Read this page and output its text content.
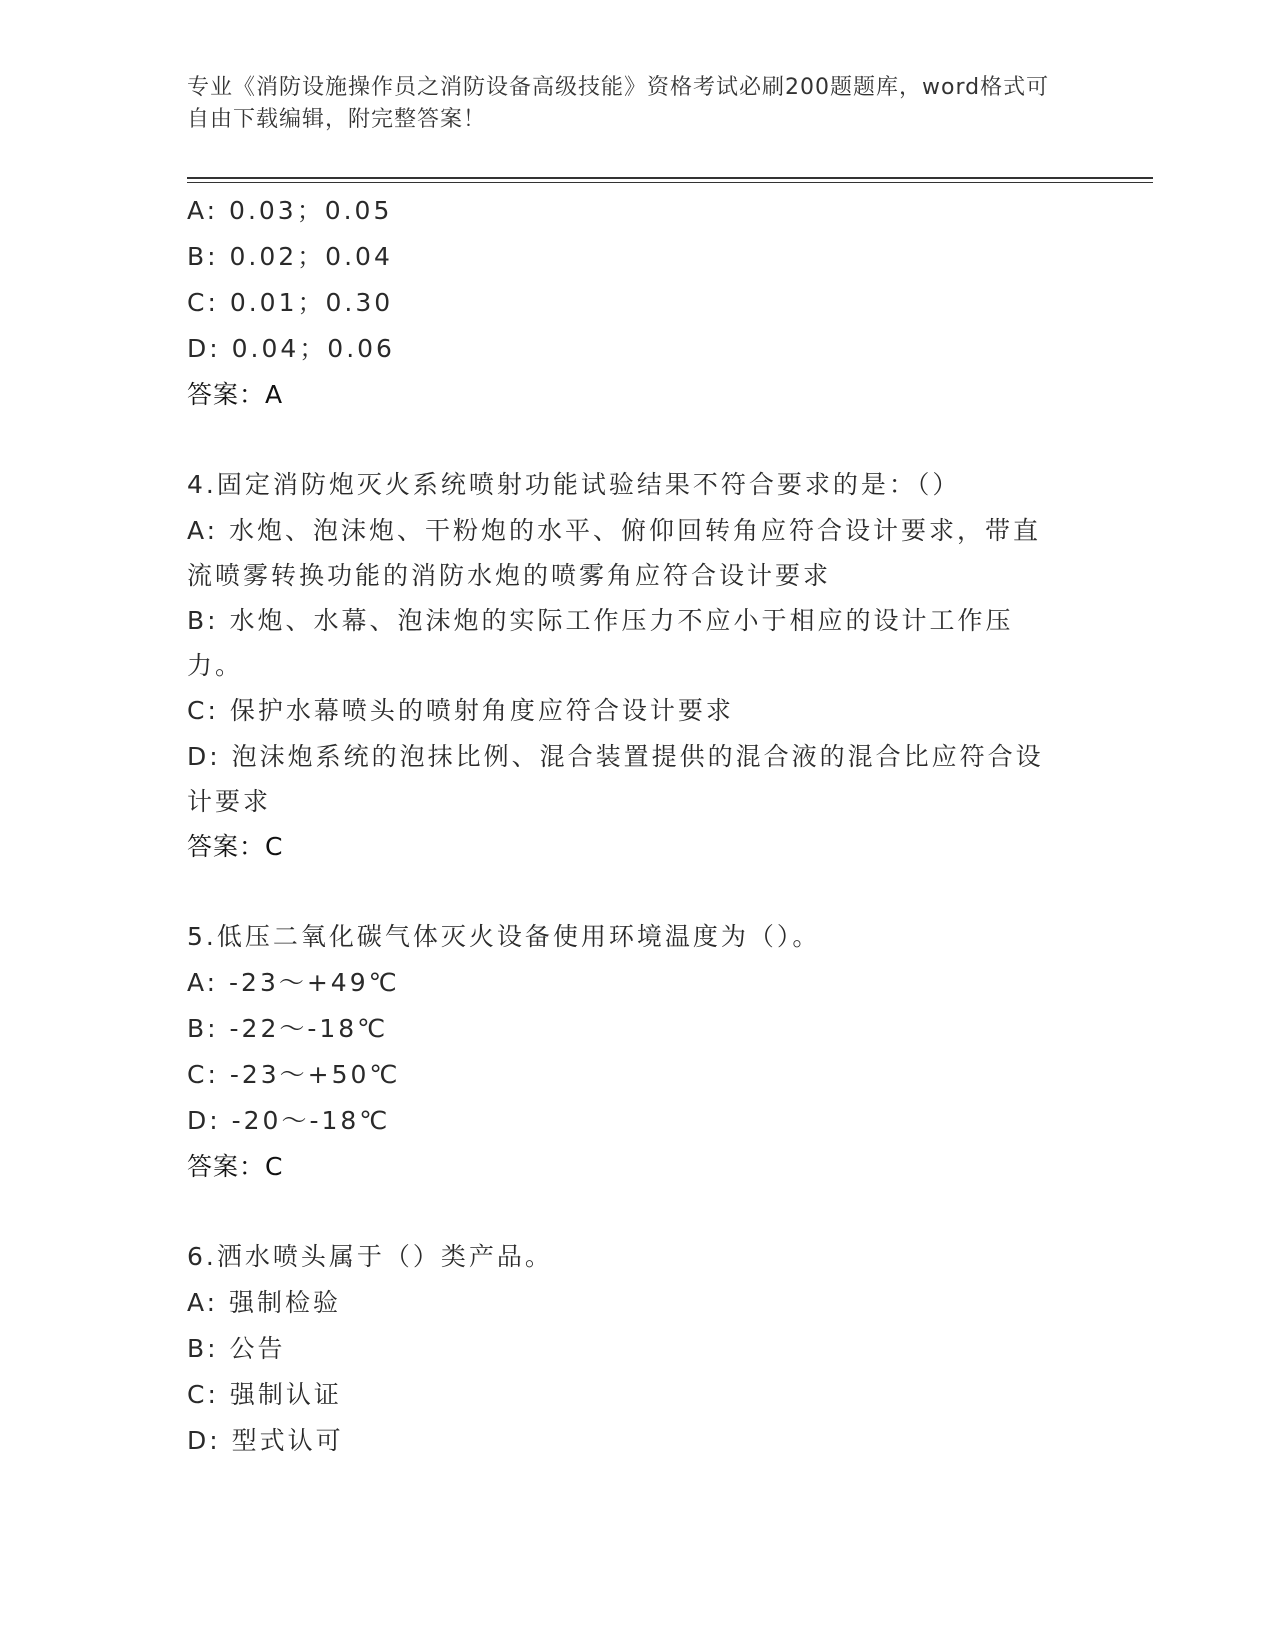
专业《消防设施操作员之消防设备高级技能》资格考试必刷200题题库，word格式可自由下载编辑，附完整答案！
A: 0.03；0.05
B: 0.02；0.04
C: 0.01；0.30
D: 0.04；0.06
答案：A
4.固定消防炮灭火系统喷射功能试验结果不符合要求的是：（）
A: 水炮、泡沫炮、干粉炮的水平、俯仰回转角应符合设计要求，带直流喷雾转换功能的消防水炮的喷雾角应符合设计要求
B: 水炮、水幕、泡沫炮的实际工作压力不应小于相应的设计工作压力。
C: 保护水幕喷头的喷射角度应符合设计要求
D: 泡沫炮系统的泡抹比例、混合装置提供的混合液的混合比应符合设计要求
答案：C
5.低压二氧化碳气体灭火设备使用环境温度为（）。
A: -23～+49℃
B: -22～-18℃
C: -23～+50℃
D: -20～-18℃
答案：C
6.洒水喷头属于（）类产品。
A: 强制检验
B: 公告
C: 强制认证
D: 型式认可
